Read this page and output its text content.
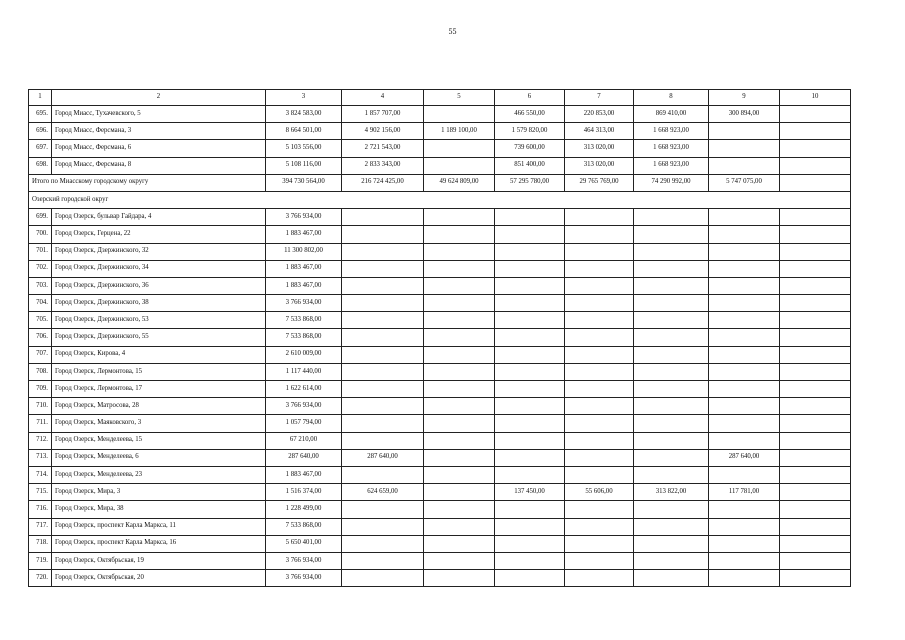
55
1	2	3	4	5	6	7	8	9	10
695.	Город Миасс, Тухачевского, 5	3 824 583,00	1 857 707,00		466 550,00	220 853,00	869 410,00	300 894,00	
696.	Город Миасс, Ферсмана, 3	8 664 501,00	4 902 156,00	1 189 100,00	1 579 820,00	464 313,00	1 668 923,00		
697.	Город Миасс, Ферсмана, 6	5 103 556,00	2 721 543,00		739 600,00	313 020,00	1 668 923,00		
698.	Город Миасс, Ферсмана, 8	5 108 116,00	2 833 343,00		851 400,00	313 020,00	1 668 923,00		
Итого по Миасскому городскому округу		394 730 564,00	216 724 425,00	49 624 809,00	57 295 780,00	29 765 769,00	74 290 992,00	5 747 075,00	
Озерский городской округ									
699.	Город Озерск, бульвар Гайдара, 4	3 766 934,00							
700.	Город Озерск, Герцена, 22	1 883 467,00							
701.	Город Озерск, Дзержинского, 32	11 300 802,00							
702.	Город Озерск, Дзержинского, 34	1 883 467,00							
703.	Город Озерск, Дзержинского, 36	1 883 467,00							
704.	Город Озерск, Дзержинского, 38	3 766 934,00							
705.	Город Озерск, Дзержинского, 53	7 533 868,00							
706.	Город Озерск, Дзержинского, 55	7 533 868,00							
707.	Город Озерск, Кирова, 4	2 610 009,00							
708.	Город Озерск, Лермонтова, 15	1 117 440,00							
709.	Город Озерск, Лермонтова, 17	1 622 614,00							
710.	Город Озерск, Матросова, 28	3 766 934,00							
711.	Город Озерск, Маяковского, 3	1 057 794,00							
712.	Город Озерск, Менделеева, 15	67 210,00							
713.	Город Озерск, Менделеева, 6	287 640,00	287 640,00					287 640,00	
714.	Город Озерск, Менделеева, 23	1 883 467,00							
715.	Город Озерск, Мира, 3	1 516 374,00	624 659,00		137 450,00	55 606,00	313 822,00	117 781,00	
716.	Город Озерск, Мира, 38	1 228 499,00							
717.	Город Озерск, проспект Карла Маркса, 11	7 533 868,00							
718.	Город Озерск, проспект Карла Маркса, 16	5 650 401,00							
719.	Город Озерск, Октябрьская, 19	3 766 934,00							
720.	Город Озерск, Октябрьская, 20	3 766 934,00							
